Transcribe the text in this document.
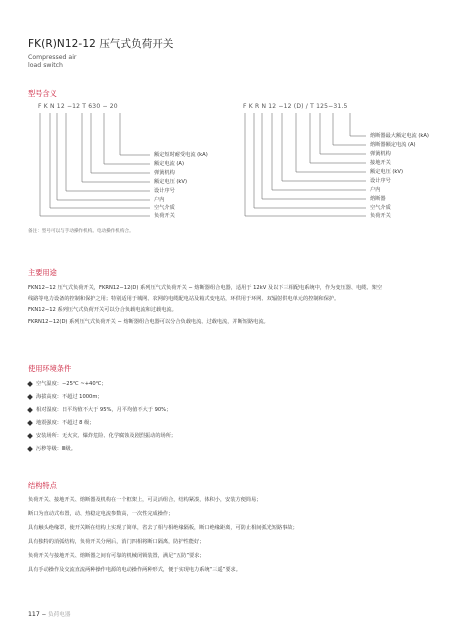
FK(R)N12-12 压气式负荷开关
Compressed air
load switch
型号含义
F K N 12 −12 T 630 − 20	F K R N 12 −12 (D) / T 125−31.5
额定短时耐受电流 (kA)
额定电流 (A)
弹簧机构
额定电压 (kV)
设计序号
户内
空气介质
负荷开关
熔断器最大额定电流 (kA)
熔断器额定电流 (A)
弹簧机构
接地开关
额定电压 (kV)
设计序号
户内
熔断器
空气介质
负荷开关
备注：型号可以与手动操作机构。电动操作机构合。
主要用途
FKN12−12 压气式负荷开关，FKRN12−12(D) 系列压气式负荷开关 − 熔断器组合电器，适用于 12kV 及以下三相配电系统中，作为变压器、电缆、架空
线路等电力设备的控制和保护之用；特别适用于城网、农网的电缆配电站及箱式变电站，环供用于环网、双辐射供电单元的控制和保护。
FKN12−12 系列压气式负荷开关可以分合负载电流和过载电流。
FKRN12−12(D) 系列压气式负荷开关 − 熔断器组合电器可以分合负载电流、过载电流，并断短路电流。
使用环境条件
空气温度：−25℃ ~+40℃；
海拔高度：不超过 1000m；
相对湿度：日平均值不大于 95%，月平均值不大于 90%；
地震强度：不超过 8 级；
安装场所：无火灾、爆炸危险、化学腐蚀及剧烈振动的场所；
污秽等级：Ⅲ级。
结构特点
负荷开关、接地开关、熔断器及机构在一个框架上，可灵活组合，结构紧凑，体积小，安装方便简易；
断口为直动式布置，动、热稳定电流参数高，一次性完成操作；
具有触头绝缘罩，使开关断在结构上实现了简单，省去了相与相绝缘隔板，断口绝缘距离，可防止相间弧光短路事故；
具有独特的消弧结构，负荷开关分闸后，消门四相将断口隔离，防护性能好；
负荷开关与接地开关、熔断器之间有可靠的机械闭锁装置，满足“五防”要求；
具有手动操作及交流直流两种操作电源的电动操作两种形式，便于实现电力系统“三遥”要求。
117 − 负荷电器
